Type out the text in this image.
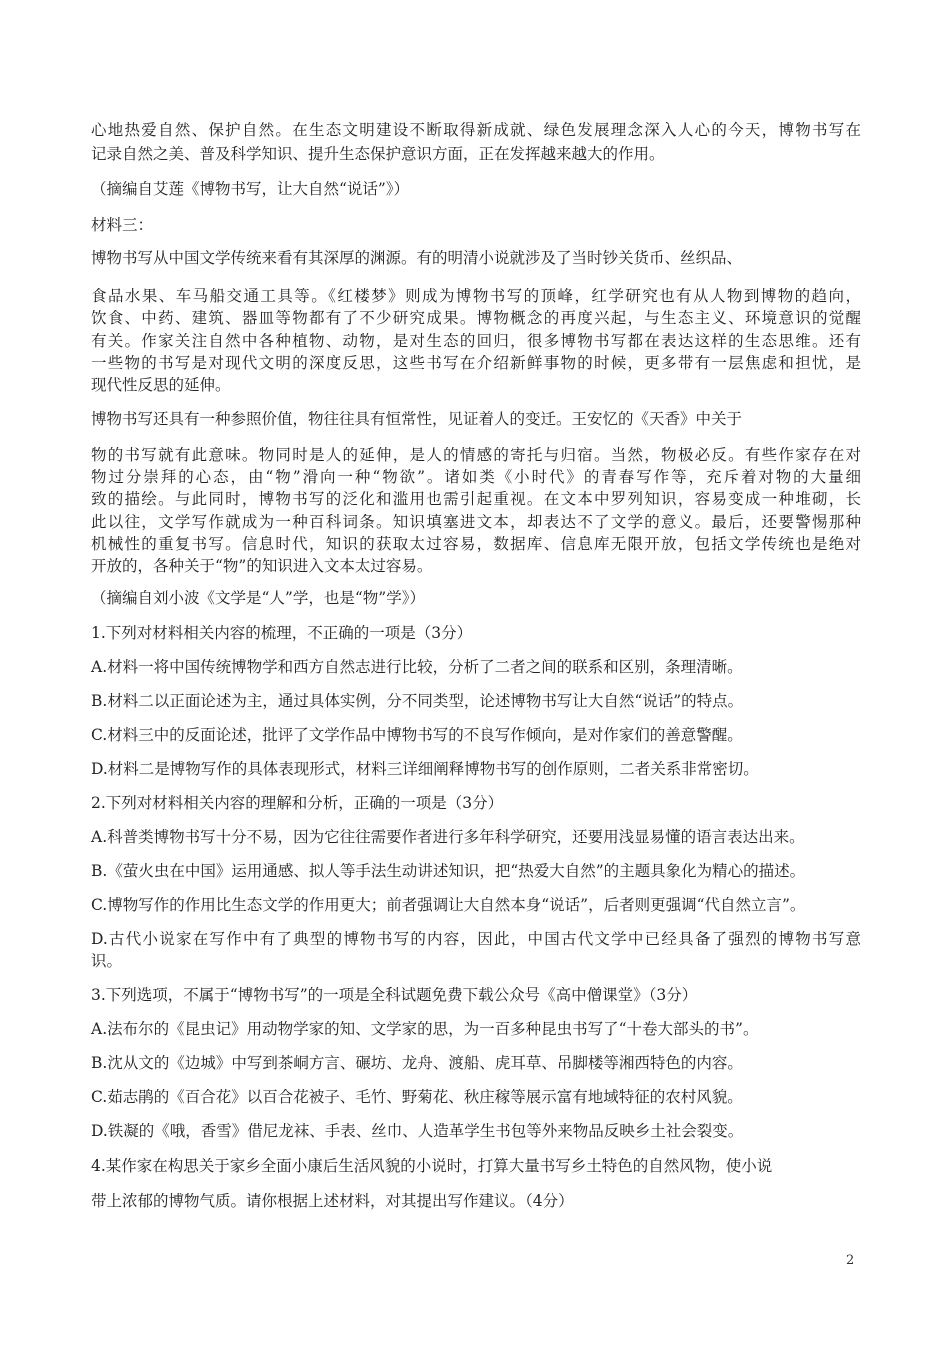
心地热爱自然、保护自然。在生态文明建设不断取得新成就、绿色发展理念深入人心的今天，博物书写在
记录自然之美、普及科学知识、提升生态保护意识方面，正在发挥越来越大的作用。
（摘编自艾莲《博物书写，让大自然“说话”》）
材料三：
博物书写从中国文学传统来看有其深厚的渊源。有的明清小说就涉及了当时钞关货币、丝织品、
食品水果、车马船交通工具等。《红楼梦》则成为博物书写的顶峰，红学研究也有从人物到博物的趋向，
饮食、中药、建筑、器皿等物都有了不少研究成果。博物概念的再度兴起，与生态主义、环境意识的觉醒
有关。作家关注自然中各种植物、动物，是对生态的回归，很多博物书写都在表达这样的生态思维。还有
一些物的书写是对现代文明的深度反思，这些书写在介绍新鲜事物的时候，更多带有一层焦虑和担忧，是
现代性反思的延伸。
博物书写还具有一种参照价值，物往往具有恒常性，见证着人的变迁。王安忆的《天香》中关于
物的书写就有此意味。物同时是人的延伸，是人的情感的寄托与归宿。当然，物极必反。有些作家存在对
物过分崇拜的心态，由“物”滑向一种“物欲”。诸如类《小时代》的青春写作等，充斥着对物的大量细
致的描绘。与此同时，博物书写的泛化和滥用也需引起重视。在文本中罗列知识，容易变成一种堆砌，长
此以往，文学写作就成为一种百科词条。知识填塞进文本，却表达不了文学的意义。最后，还要警惕那种
机械性的重复书写。信息时代，知识的获取太过容易，数据库、信息库无限开放，包括文学传统也是绝对
开放的，各种关于“物”的知识进入文本太过容易。
（摘编自刘小波《文学是“人”学，也是“物”学》）
1.下列对材料相关内容的梳理，不正确的一项是（3分）
A.材料一将中国传统博物学和西方自然志进行比较，分析了二者之间的联系和区别，条理清晰。
B.材料二以正面论述为主，通过具体实例，分不同类型，论述博物书写让大自然“说话”的特点。
C.材料三中的反面论述，批评了文学作品中博物书写的不良写作倾向，是对作家们的善意警醒。
D.材料二是博物写作的具体表现形式，材料三详细阐释博物书写的创作原则，二者关系非常密切。
2.下列对材料相关内容的理解和分析，正确的一项是（3分）
A.科普类博物书写十分不易，因为它往往需要作者进行多年科学研究，还要用浅显易懂的语言表达出来。
B.《萤火虫在中国》运用通感、拟人等手法生动讲述知识，把“热爱大自然”的主题具象化为精心的描述。
C.博物写作的作用比生态文学的作用更大；前者强调让大自然本身“说话”，后者则更强调“代自然立言”。
D.古代小说家在写作中有了典型的博物书写的内容，因此，中国古代文学中已经具备了强烈的博物书写意
识。
3.下列选项，不属于“博物书写”的一项是全科试题免费下载公众号《高中僧课堂》（3分）
A.法布尔的《昆虫记》用动物学家的知、文学家的思，为一百多种昆虫书写了“十卷大部头的书”。
B.沈从文的《边城》中写到茶峒方言、碾坊、龙舟、渡船、虎耳草、吊脚楼等湘西特色的内容。
C.茹志鹃的《百合花》以百合花被子、毛竹、野菊花、秋庄稼等展示富有地域特征的农村风貌。
D.铁凝的《哦，香雪》借尼龙袜、手表、丝巾、人造革学生书包等外来物品反映乡土社会裂变。
4.某作家在构思关于家乡全面小康后生活风貌的小说时，打算大量书写乡土特色的自然风物，使小说
带上浓郁的博物气质。请你根据上述材料，对其提出写作建议。（4分）
2
